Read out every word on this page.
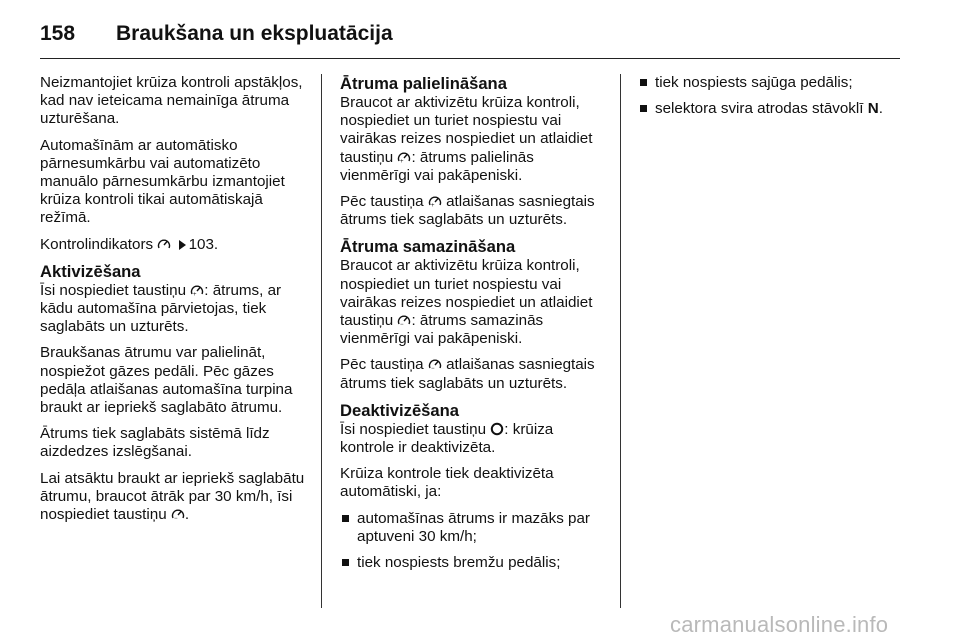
158 Braukšana un ekspluatācija

Neizmantojiet krūiza kontroli apstākļos, kad nav ieteicama nemainīga ātruma uzturēšana.

Automašīnām ar automātisko pārnesumkārbu vai automatizēto manuālo pārnesumkārbu izmantojiet krūiza kontroli tikai automātiskajā režīmā.

Kontrolindikators 103.

Aktivizēšana

Īsi nospiediet taustiņu + : ātrums, ar kādu automašīna pārvietojas, tiek saglabāts un uzturēts.

Braukšanas ātrumu var palielināt, nospiežot gāzes pedāli. Pēc gāzes pedāļa atlaišanas automašīna turpina braukt ar iepriekš saglabāto ātrumu.

Ātrums tiek saglabāts sistēmā līdz aizdedzes izslēgšanai.

Lai atsāktu braukt ar iepriekš saglabātu ātrumu, braucot ātrāk par 30 km/h, īsi nospiediet taustiņu − .

Ātruma palielināšana

Braucot ar aktivizētu krūiza kontroli, nospiediet un turiet nospiestu vai vairākas reizes nospiediet un atlaidiet taustiņu + : ātrums palielinās vienmērīgi vai pakāpeniski.

Pēc taustiņa + atlaišanas sasniegtais ātrums tiek saglabāts un uzturēts.

Ātruma samazināšana

Braucot ar aktivizētu krūiza kontroli, nospiediet un turiet nospiestu vai vairākas reizes nospiediet un atlaidiet taustiņu − : ātrums samazinās vienmērīgi vai pakāpeniski.

Pēc taustiņa − atlaišanas sasniegtais ātrums tiek saglabāts un uzturēts.

Deaktivizēšana

Īsi nospiediet taustiņu : krūiza kontrole ir deaktivizēta.

Krūiza kontrole tiek deaktivizēta automātiski, ja:

automašīnas ātrums ir mazāks par aptuveni 30 km/h;
tiek nospiests bremžu pedālis;
tiek nospiests sajūga pedālis;
selektora svira atrodas stāvoklī N.
carmanualsonline.info
